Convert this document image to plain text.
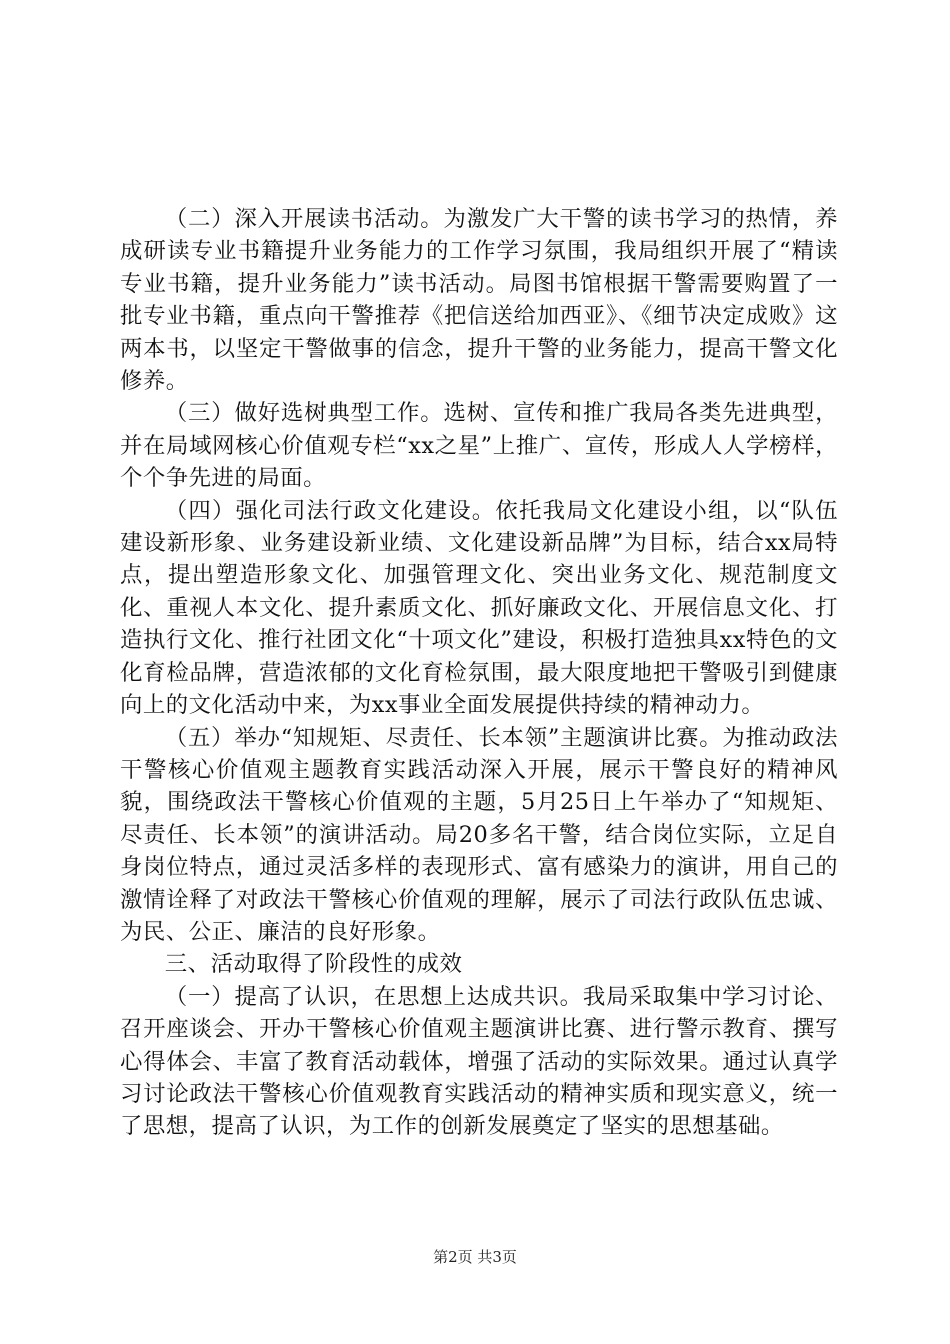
（二）深入开展读书活动。为激发广大干警的读书学习的热情，养成研读专业书籍提升业务能力的工作学习氛围，我局组织开展了“精读专业书籍，提升业务能力”读书活动。局图书馆根据干警需要购置了一批专业书籍，重点向干警推荐《把信送给加西亚》、《细节决定成败》这两本书，以坚定干警做事的信念，提升干警的业务能力，提高干警文化修养。

（三）做好选树典型工作。选树、宣传和推广我局各类先进典型，并在局域网核心价值观专栏“xx之星”上推广、宣传，形成人人学榜样，个个争先进的局面。

（四）强化司法行政文化建设。依托我局文化建设小组，以“队伍建设新形象、业务建设新业绩、文化建设新品牌”为目标，结合xx局特点，提出塑造形象文化、加强管理文化、突出业务文化、规范制度文化、重视人本文化、提升素质文化、抓好廉政文化、开展信息文化、打造执行文化、推行社团文化“十项文化”建设，积极打造独具xx特色的文化育检品牌，营造浓郁的文化育检氛围，最大限度地把干警吸引到健康向上的文化活动中来，为xx事业全面发展提供持续的精神动力。

（五）举办“知规矩、尽责任、长本领”主题演讲比赛。为推动政法干警核心价值观主题教育实践活动深入开展，展示干警良好的精神风貌，围绕政法干警核心价值观的主题，5月25日上午举办了“知规矩、尽责任、长本领”的演讲活动。局20多名干警，结合岗位实际，立足自身岗位特点，通过灵活多样的表现形式、富有感染力的演讲，用自己的激情诠释了对政法干警核心价值观的理解，展示了司法行政队伍忠诚、为民、公正、廉洁的良好形象。

三、活动取得了阶段性的成效

（一）提高了认识，在思想上达成共识。我局采取集中学习讨论、召开座谈会、开办干警核心价值观主题演讲比赛、进行警示教育、撰写心得体会、丰富了教育活动载体，增强了活动的实际效果。通过认真学习讨论政法干警核心价值观教育实践活动的精神实质和现实意义，统一了思想，提高了认识，为工作的创新发展奠定了坚实的思想基础。

第2页 共3页
